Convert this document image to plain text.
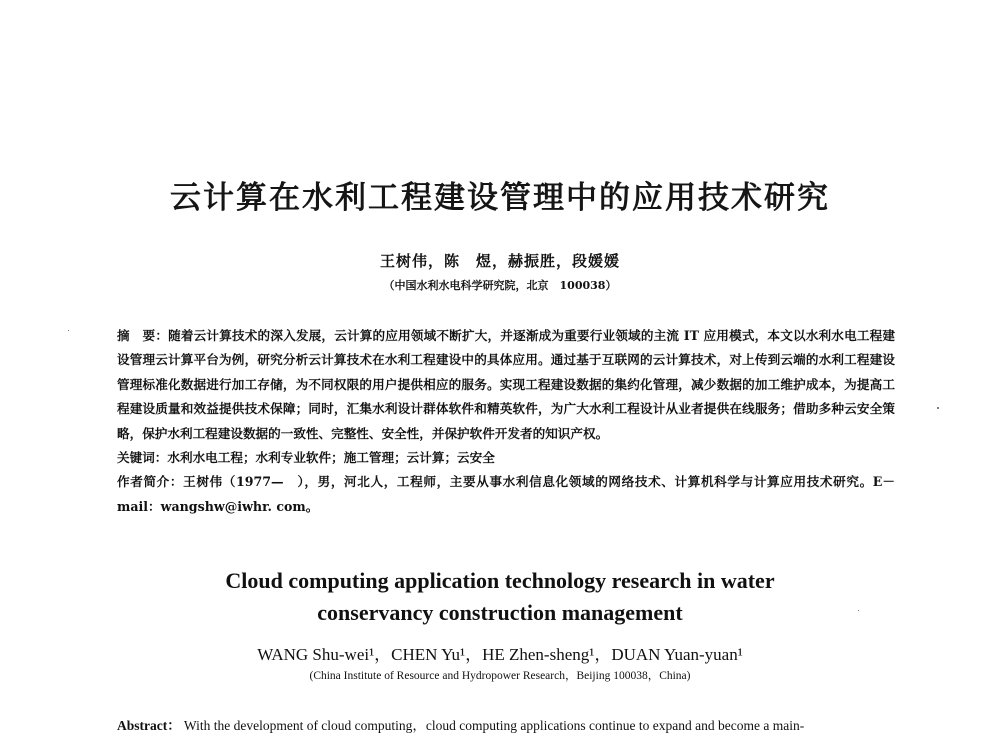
云计算在水利工程建设管理中的应用技术研究
王树伟，陈　煜，赫振胜，段媛媛
（中国水利水电科学研究院，北京　100038）

摘　要：随着云计算技术的深入发展，云计算的应用领域不断扩大，并逐渐成为重要行业领域的主流 IT 应用模式，本文以水利水电工程建设管理云计算平台为例，研究分析云计算技术在水利工程建设中的具体应用。通过基于互联网的云计算技术，对上传到云端的水利工程建设管理标准化数据进行加工存储，为不同权限的用户提供相应的服务。实现工程建设数据的集约化管理，减少数据的加工维护成本，为提高工程建设质量和效益提供技术保障；同时，汇集水利设计群体软件和精英软件，为广大水利工程设计从业者提供在线服务；借助多种云安全策略，保护水利工程建设数据的一致性、完整性、安全性，并保护软件开发者的知识产权。

关键词：水利水电工程；水利专业软件；施工管理；云计算；云安全

作者简介：王树伟（1977—　），男，河北人，工程师，主要从事水利信息化领域的网络技术、计算机科学与计算应用技术研究。E－mail：wangshw@iwhr. com。

Cloud computing application technology research in water
conservancy construction management
WANG Shu-wei¹，CHEN Yu¹，HE Zhen-sheng¹，DUAN Yuan-yuan¹
(China Institute of Resource and Hydropower Research，Beijing 100038，China)

Abstract： With the development of cloud computing，cloud computing applications continue to expand and become a main-
